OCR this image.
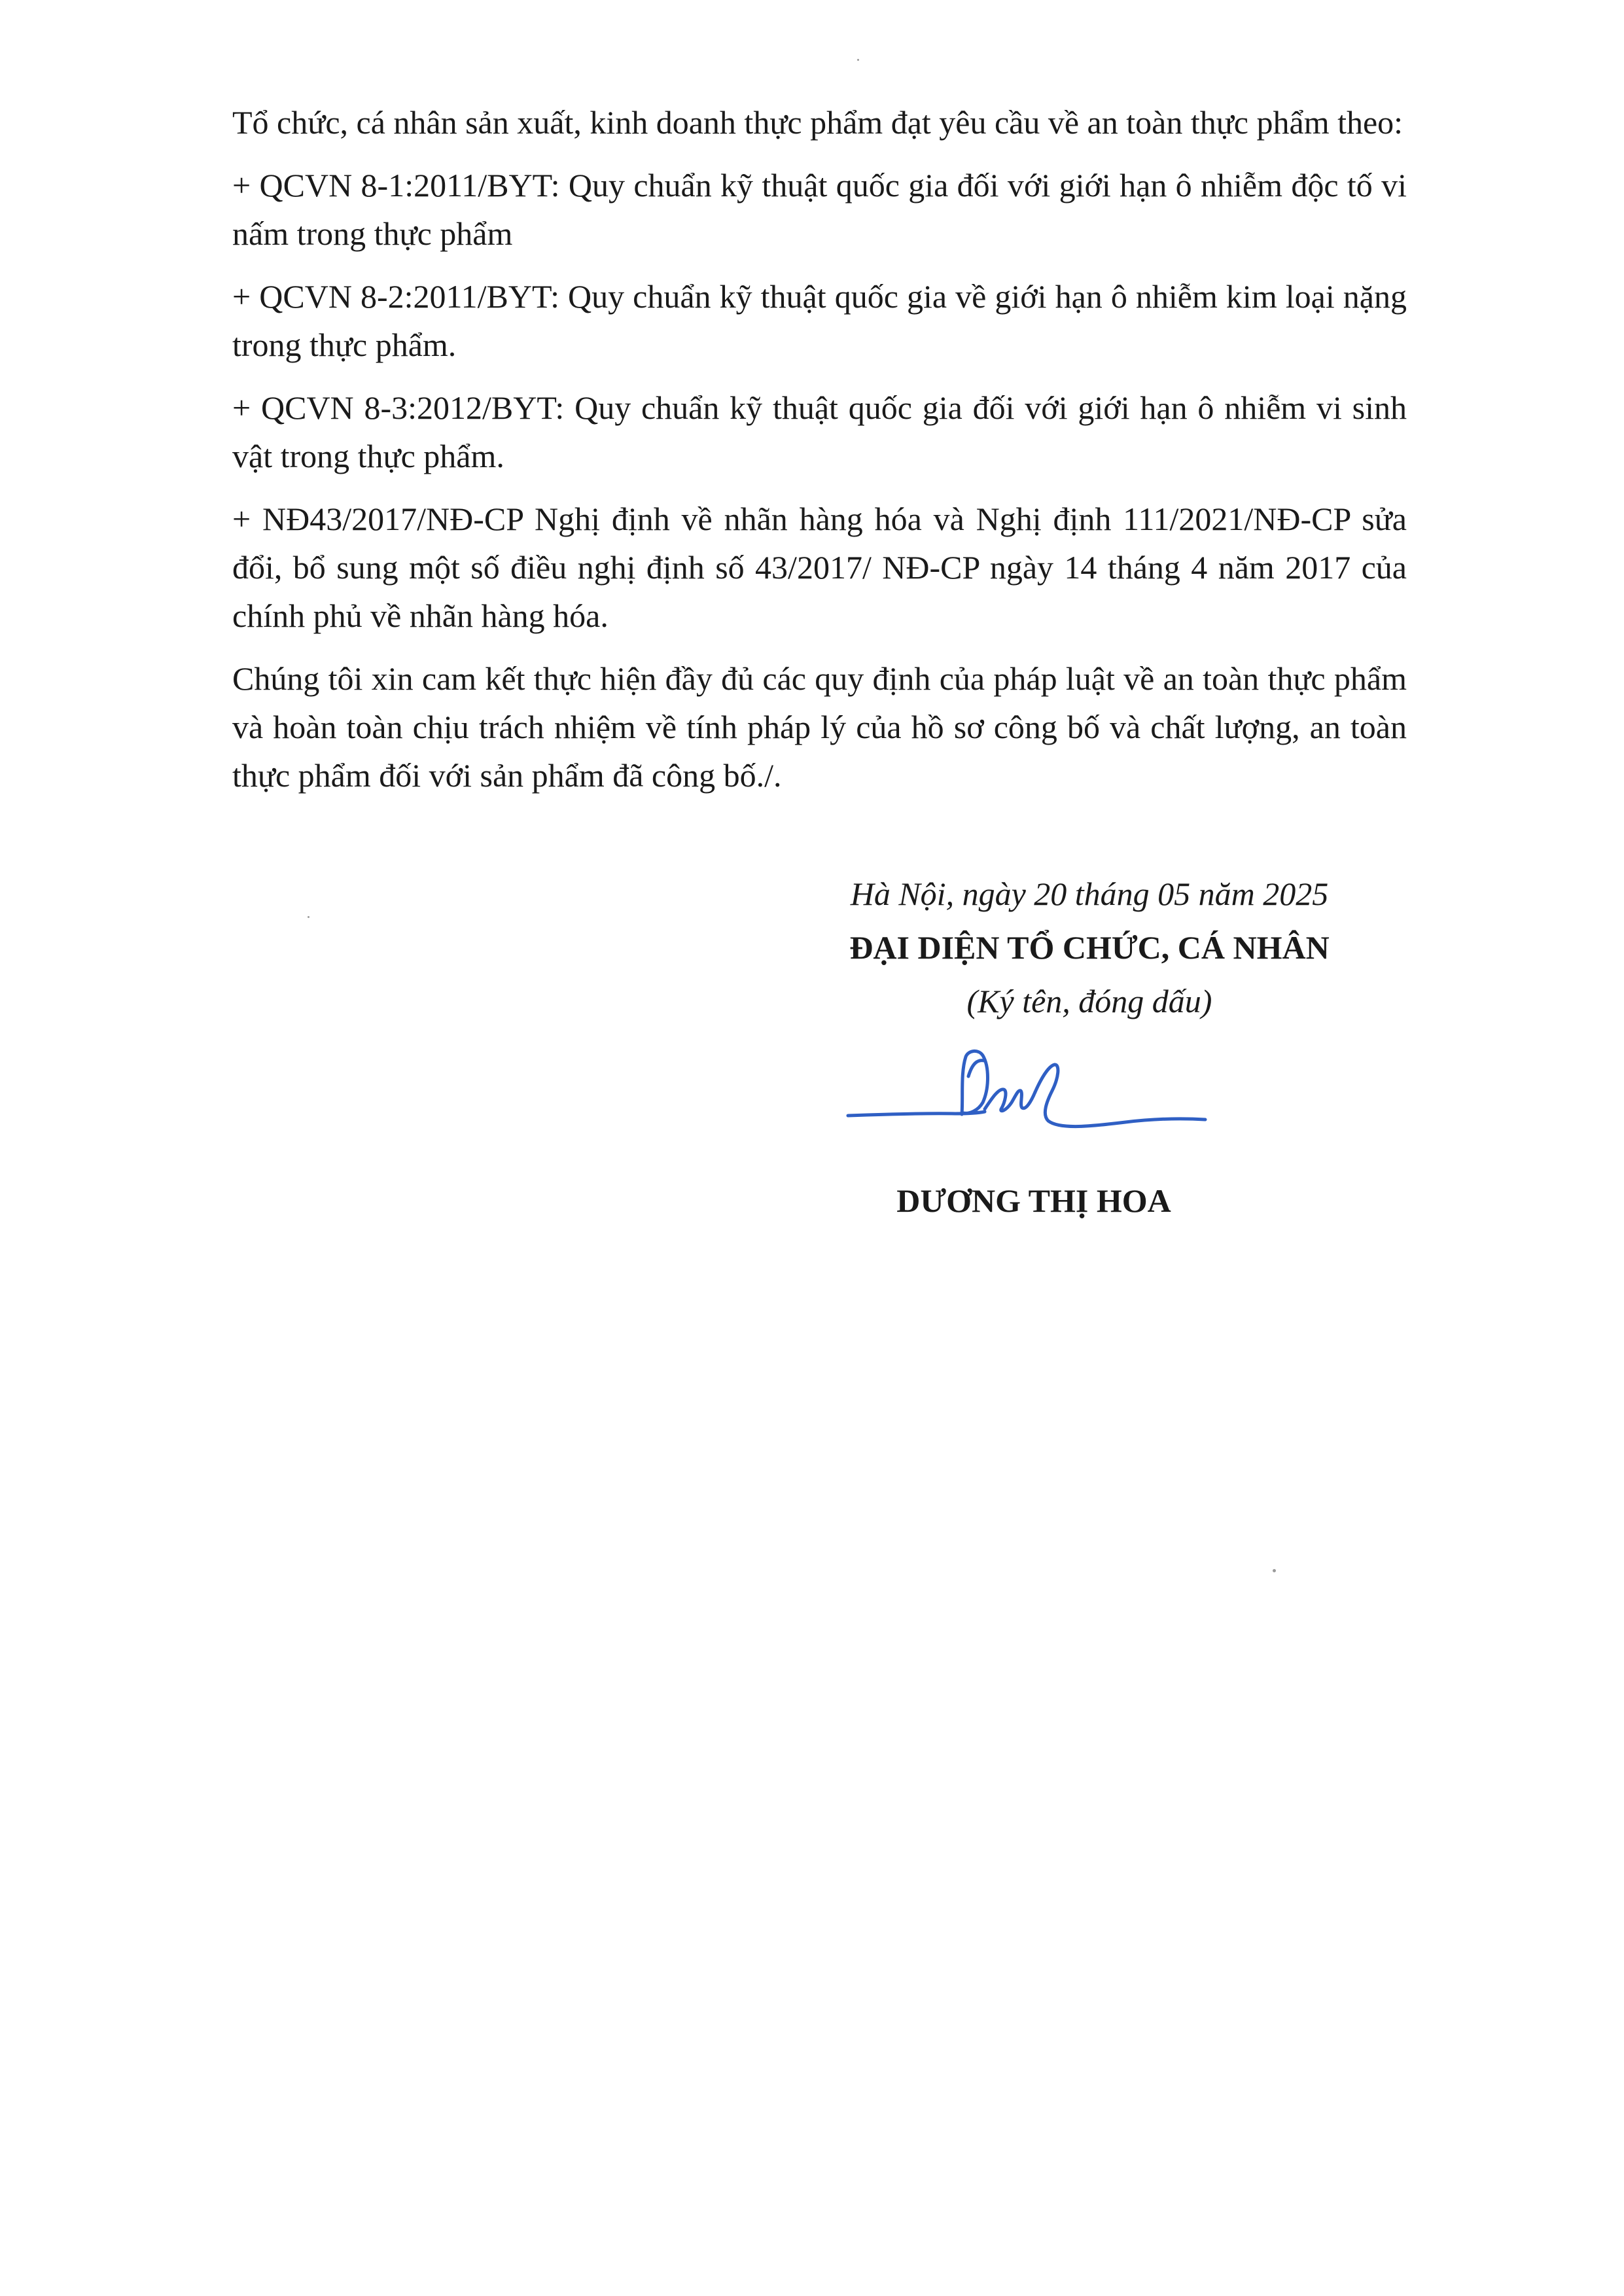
Tổ chức, cá nhân sản xuất, kinh doanh thực phẩm đạt yêu cầu về an toàn thực phẩm theo:

+ QCVN 8-1:2011/BYT: Quy chuẩn kỹ thuật quốc gia đối với giới hạn ô nhiễm độc tố vi nấm trong thực phẩm

+ QCVN 8-2:2011/BYT: Quy chuẩn kỹ thuật quốc gia về giới hạn ô nhiễm kim loại nặng trong thực phẩm.

+ QCVN 8-3:2012/BYT: Quy chuẩn kỹ thuật quốc gia đối với giới hạn ô nhiễm vi sinh vật trong thực phẩm.

+ NĐ43/2017/NĐ-CP Nghị định về nhãn hàng hóa và Nghị định 111/2021/NĐ-CP sửa đổi, bổ sung một số điều nghị định số 43/2017/ NĐ-CP ngày 14 tháng 4 năm 2017 của chính phủ về nhãn hàng hóa.

Chúng tôi xin cam kết thực hiện đầy đủ các quy định của pháp luật về an toàn thực phẩm và hoàn toàn chịu trách nhiệm về tính pháp lý của hồ sơ công bố và chất lượng, an toàn thực phẩm đối với sản phẩm đã công bố./.

Hà Nội, ngày 20 tháng 05 năm 2025
ĐẠI DIỆN TỔ CHỨC, CÁ NHÂN
(Ký tên, đóng dấu)
DƯƠNG THỊ HOA
